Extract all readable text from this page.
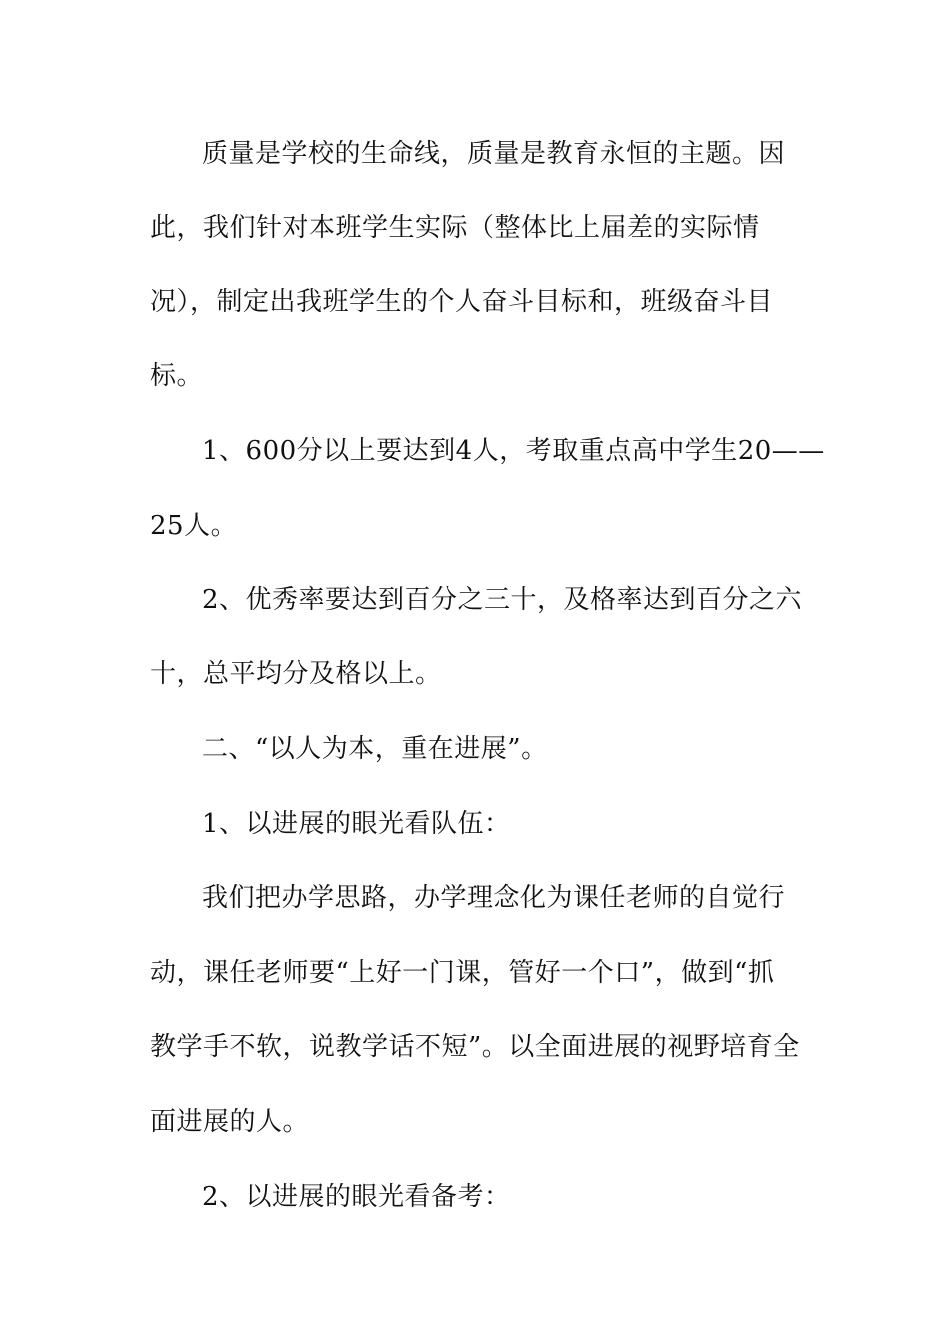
质量是学校的生命线，质量是教育永恒的主题。因
此，我们针对本班学生实际（整体比上届差的实际情
况），制定出我班学生的个人奋斗目标和，班级奋斗目
标。
1、600分以上要达到4人，考取重点高中学生20——
25人。
2、优秀率要达到百分之三十，及格率达到百分之六
十，总平均分及格以上。
二、“以人为本，重在进展”。
1、以进展的眼光看队伍：
我们把办学思路，办学理念化为课任老师的自觉行
动，课任老师要“上好一门课，管好一个口”，做到“抓
教学手不软，说教学话不短”。以全面进展的视野培育全
面进展的人。
2、以进展的眼光看备考：
